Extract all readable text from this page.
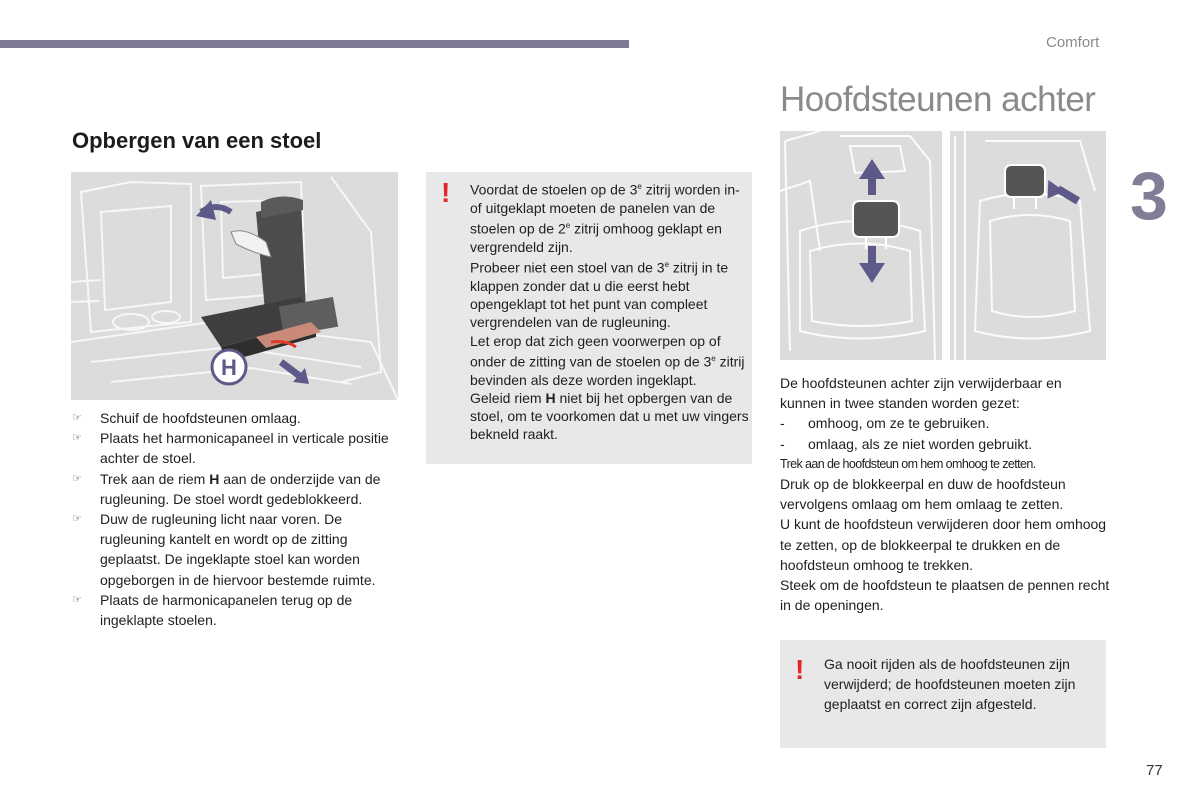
Comfort
3
Hoofdsteunen achter
Opbergen van een stoel
H
☞ Schuif de hoofdsteunen omlaag.
☞ Plaats het harmonicapaneel in verticale positie achter de stoel.
☞ Trek aan de riem H aan de onderzijde van de rugleuning. De stoel wordt gedeblokkeerd.
☞ Duw de rugleuning licht naar voren. De rugleuning kantelt en wordt op de zitting geplaatst. De ingeklapte stoel kan worden opgeborgen in de hiervoor bestemde ruimte.
☞ Plaats de harmonicapanelen terug op de ingeklapte stoelen.
! Voordat de stoelen op de 3e zitrij worden in- of uitgeklapt moeten de panelen van de stoelen op de 2e zitrij omhoog geklapt en vergrendeld zijn.

Probeer niet een stoel van de 3e zitrij in te klappen zonder dat u die eerst hebt opengeklapt tot het punt van compleet vergrendelen van de rugleuning.

Let erop dat zich geen voorwerpen op of onder de zitting van de stoelen op de 3e zitrij bevinden als deze worden ingeklapt.

Geleid riem H niet bij het opbergen van de stoel, om te voorkomen dat u met uw vingers bekneld raakt.

De hoofdsteunen achter zijn verwijderbaar en kunnen in twee standen worden gezet:

- omhoog, om ze te gebruiken.

- omlaag, als ze niet worden gebruikt.

Trek aan de hoofdsteun om hem omhoog te zetten.

Druk op de blokkeerpal en duw de hoofdsteun vervolgens omlaag om hem omlaag te zetten.

U kunt de hoofdsteun verwijderen door hem omhoog te zetten, op de blokkeerpal te drukken en de hoofdsteun omhoog te trekken.

Steek om de hoofdsteun te plaatsen de pennen recht in de openingen.

! Ga nooit rijden als de hoofdsteunen zijn verwijderd; de hoofdsteunen moeten zijn geplaatst en correct zijn afgesteld.
77
